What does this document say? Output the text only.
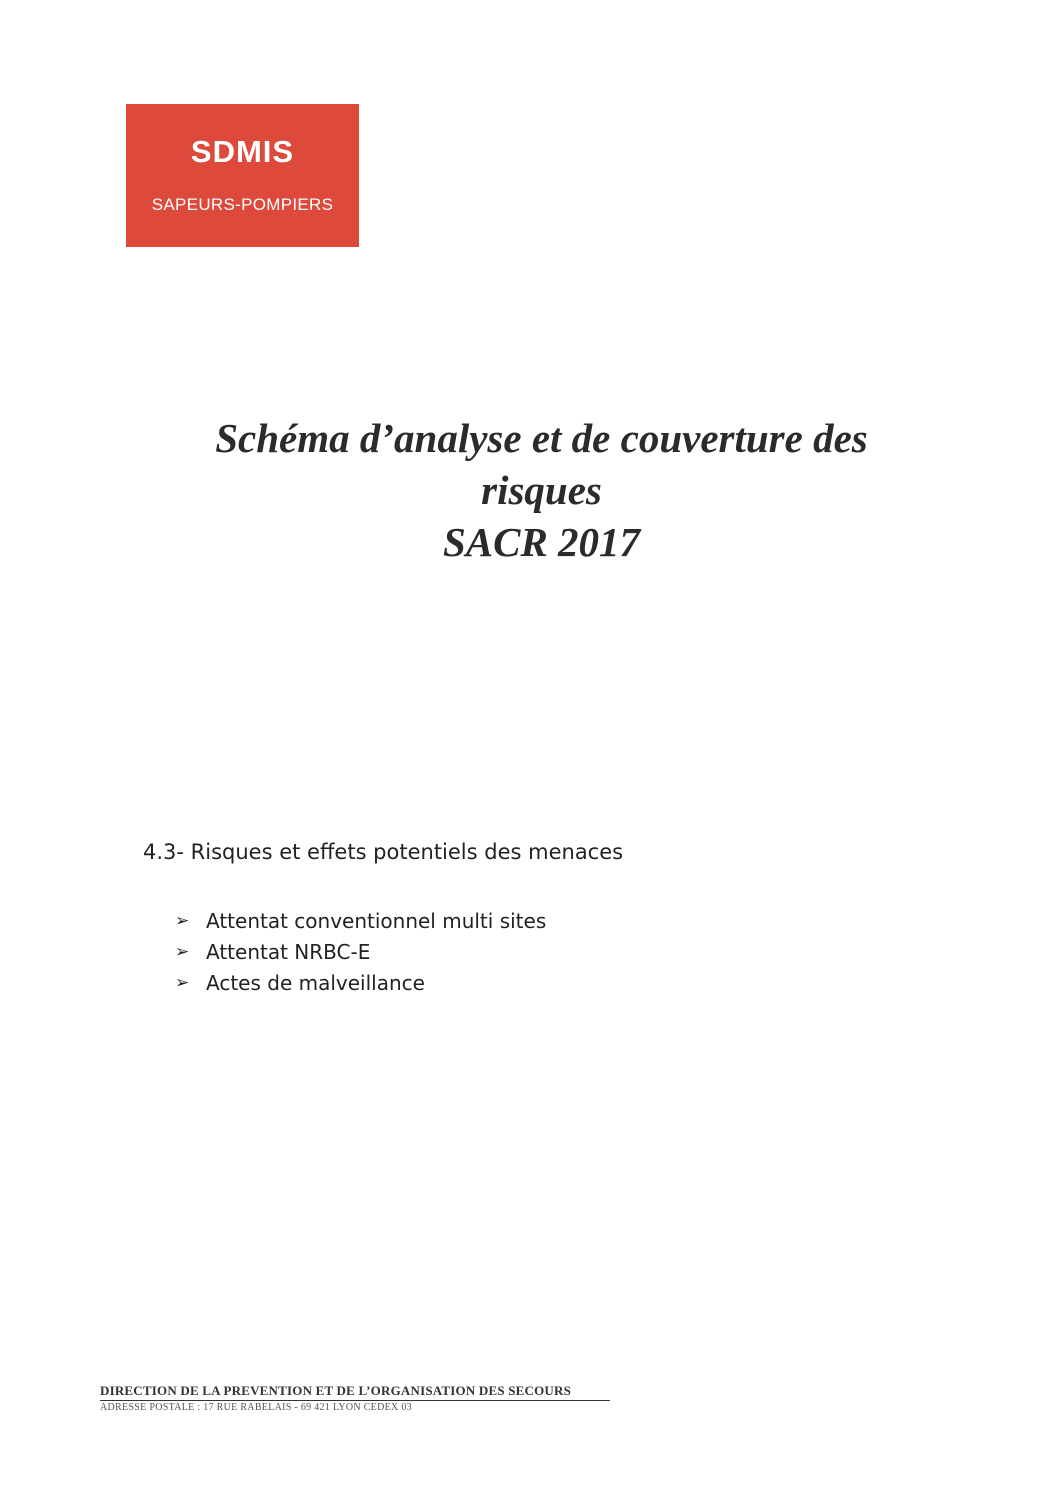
SDMIS
SAPEURS-POMPIERS
Schéma d’analyse et de couverture des
risques
SACR 2017
4.3- Risques et effets potentiels des menaces
➢ Attentat conventionnel multi sites
➢ Attentat NRBC-E
➢ Actes de malveillance
DIRECTION DE LA PREVENTION ET DE L’ORGANISATION DES SECOURS
ADRESSE POSTALE : 17 RUE RABELAIS - 69 421 LYON CEDEX 03
